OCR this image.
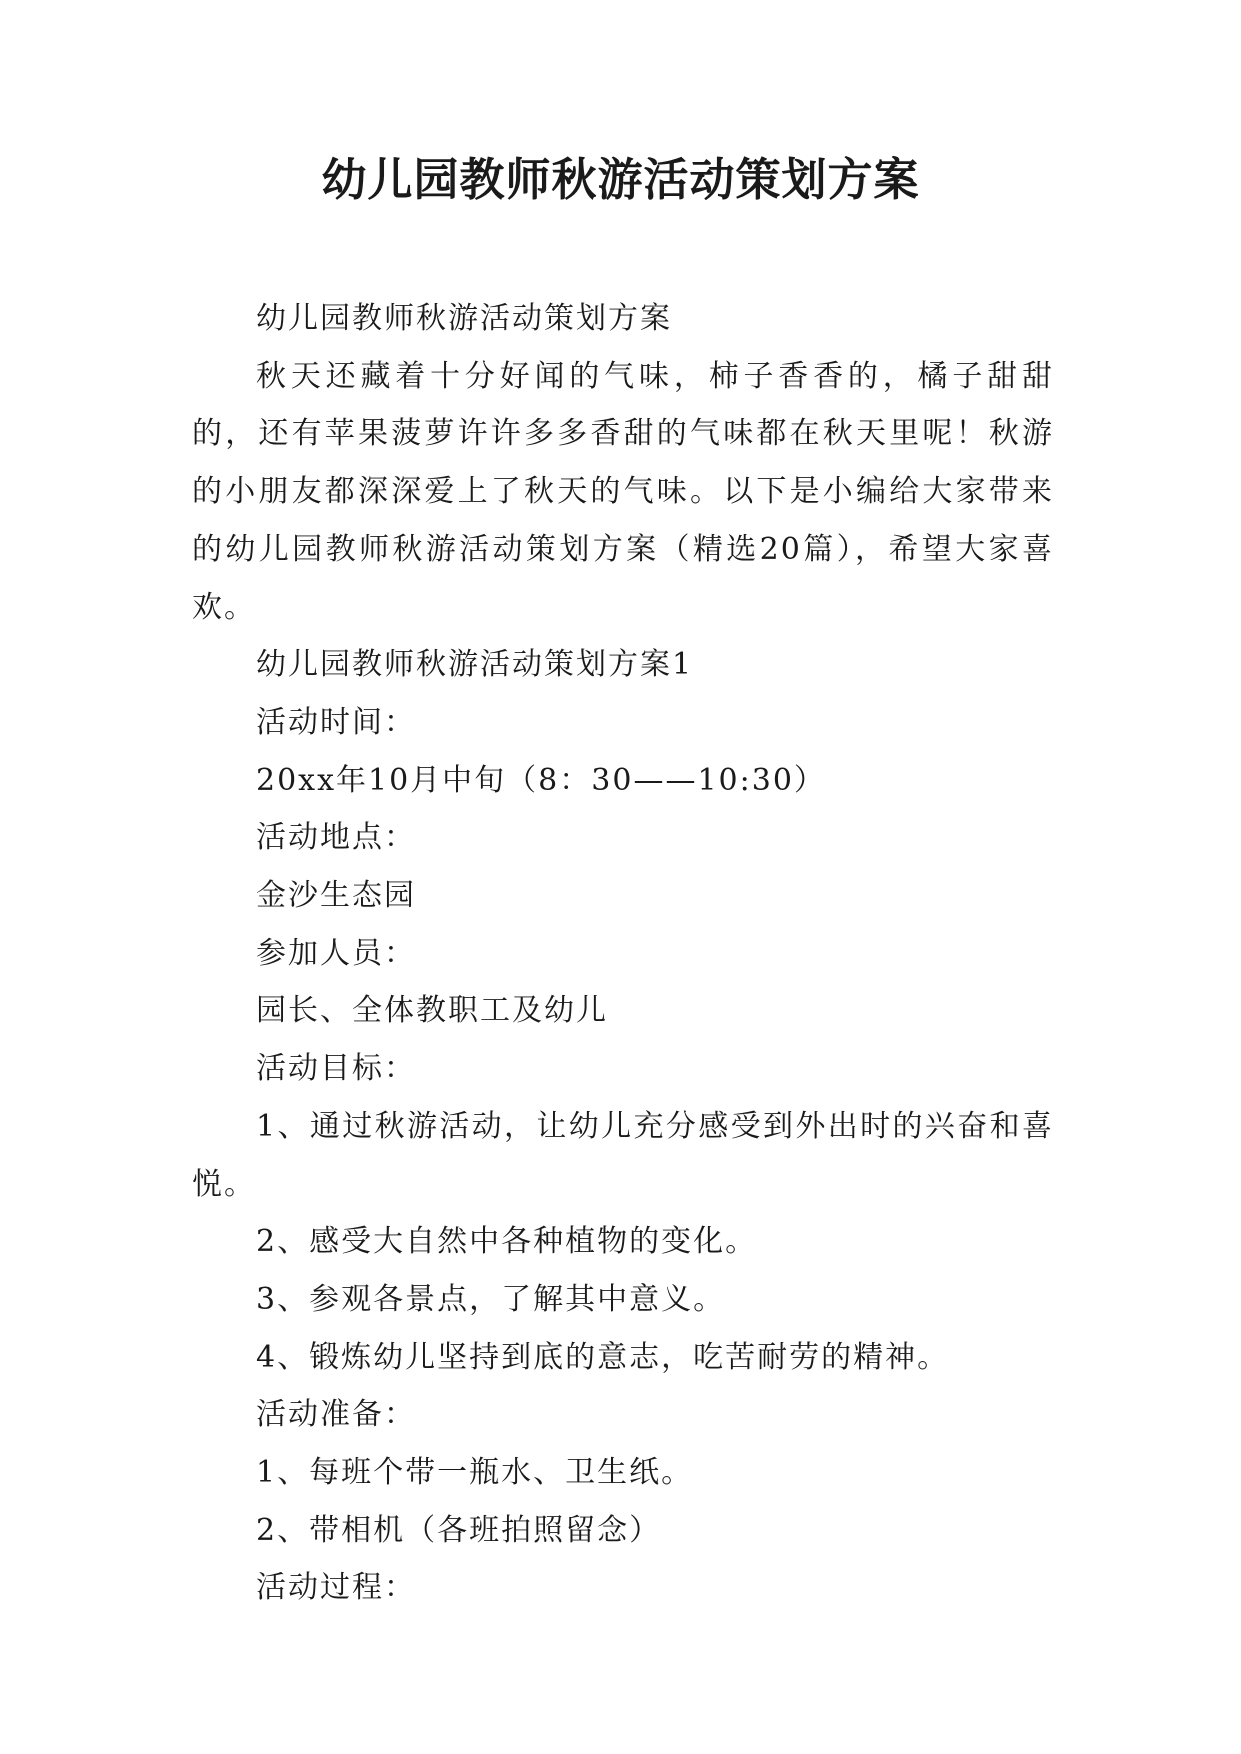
幼儿园教师秋游活动策划方案

幼儿园教师秋游活动策划方案

秋天还藏着十分好闻的气味，柿子香香的，橘子甜甜的，还有苹果菠萝许许多多香甜的气味都在秋天里呢！秋游的小朋友都深深爱上了秋天的气味。以下是小编给大家带来的幼儿园教师秋游活动策划方案（精选20篇），希望大家喜欢。

幼儿园教师秋游活动策划方案1

活动时间：

20xx年10月中旬（8：30——10:30）

活动地点：

金沙生态园

参加人员：

园长、全体教职工及幼儿

活动目标：

1、通过秋游活动，让幼儿充分感受到外出时的兴奋和喜悦。

2、感受大自然中各种植物的变化。

3、参观各景点，了解其中意义。

4、锻炼幼儿坚持到底的意志，吃苦耐劳的精神。

活动准备：

1、每班个带一瓶水、卫生纸。

2、带相机（各班拍照留念）

活动过程：
